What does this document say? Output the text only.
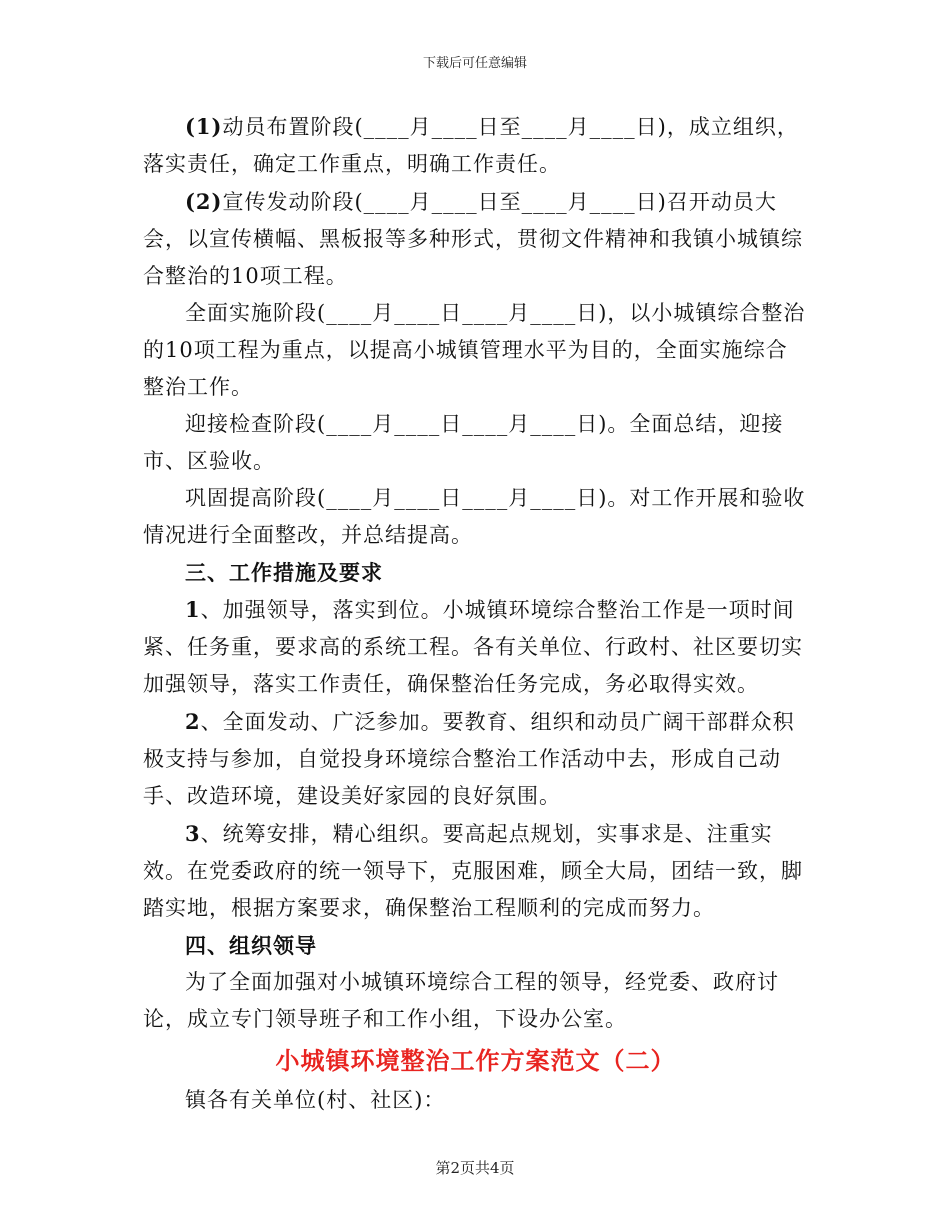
下载后可任意编辑

(1)动员布置阶段(____月____日至____月____日)，成立组织，落实责任，确定工作重点，明确工作责任。

(2)宣传发动阶段(____月____日至____月____日)召开动员大会，以宣传横幅、黑板报等多种形式，贯彻文件精神和我镇小城镇综合整治的10项工程。

全面实施阶段(____月____日____月____日)，以小城镇综合整治的10项工程为重点，以提高小城镇管理水平为目的，全面实施综合整治工作。

迎接检查阶段(____月____日____月____日)。全面总结，迎接市、区验收。

巩固提高阶段(____月____日____月____日)。对工作开展和验收情况进行全面整改，并总结提高。

三、工作措施及要求

1、加强领导，落实到位。小城镇环境综合整治工作是一项时间紧、任务重，要求高的系统工程。各有关单位、行政村、社区要切实加强领导，落实工作责任，确保整治任务完成，务必取得实效。

2、全面发动、广泛参加。要教育、组织和动员广阔干部群众积极支持与参加，自觉投身环境综合整治工作活动中去，形成自己动手、改造环境，建设美好家园的良好氛围。

3、统筹安排，精心组织。要高起点规划，实事求是、注重实效。在党委政府的统一领导下，克服困难，顾全大局，团结一致，脚踏实地，根据方案要求，确保整治工程顺利的完成而努力。

四、组织领导

为了全面加强对小城镇环境综合工程的领导，经党委、政府讨论，成立专门领导班子和工作小组，下设办公室。

小城镇环境整治工作方案范文（二）

镇各有关单位(村、社区)：

第2页共4页
